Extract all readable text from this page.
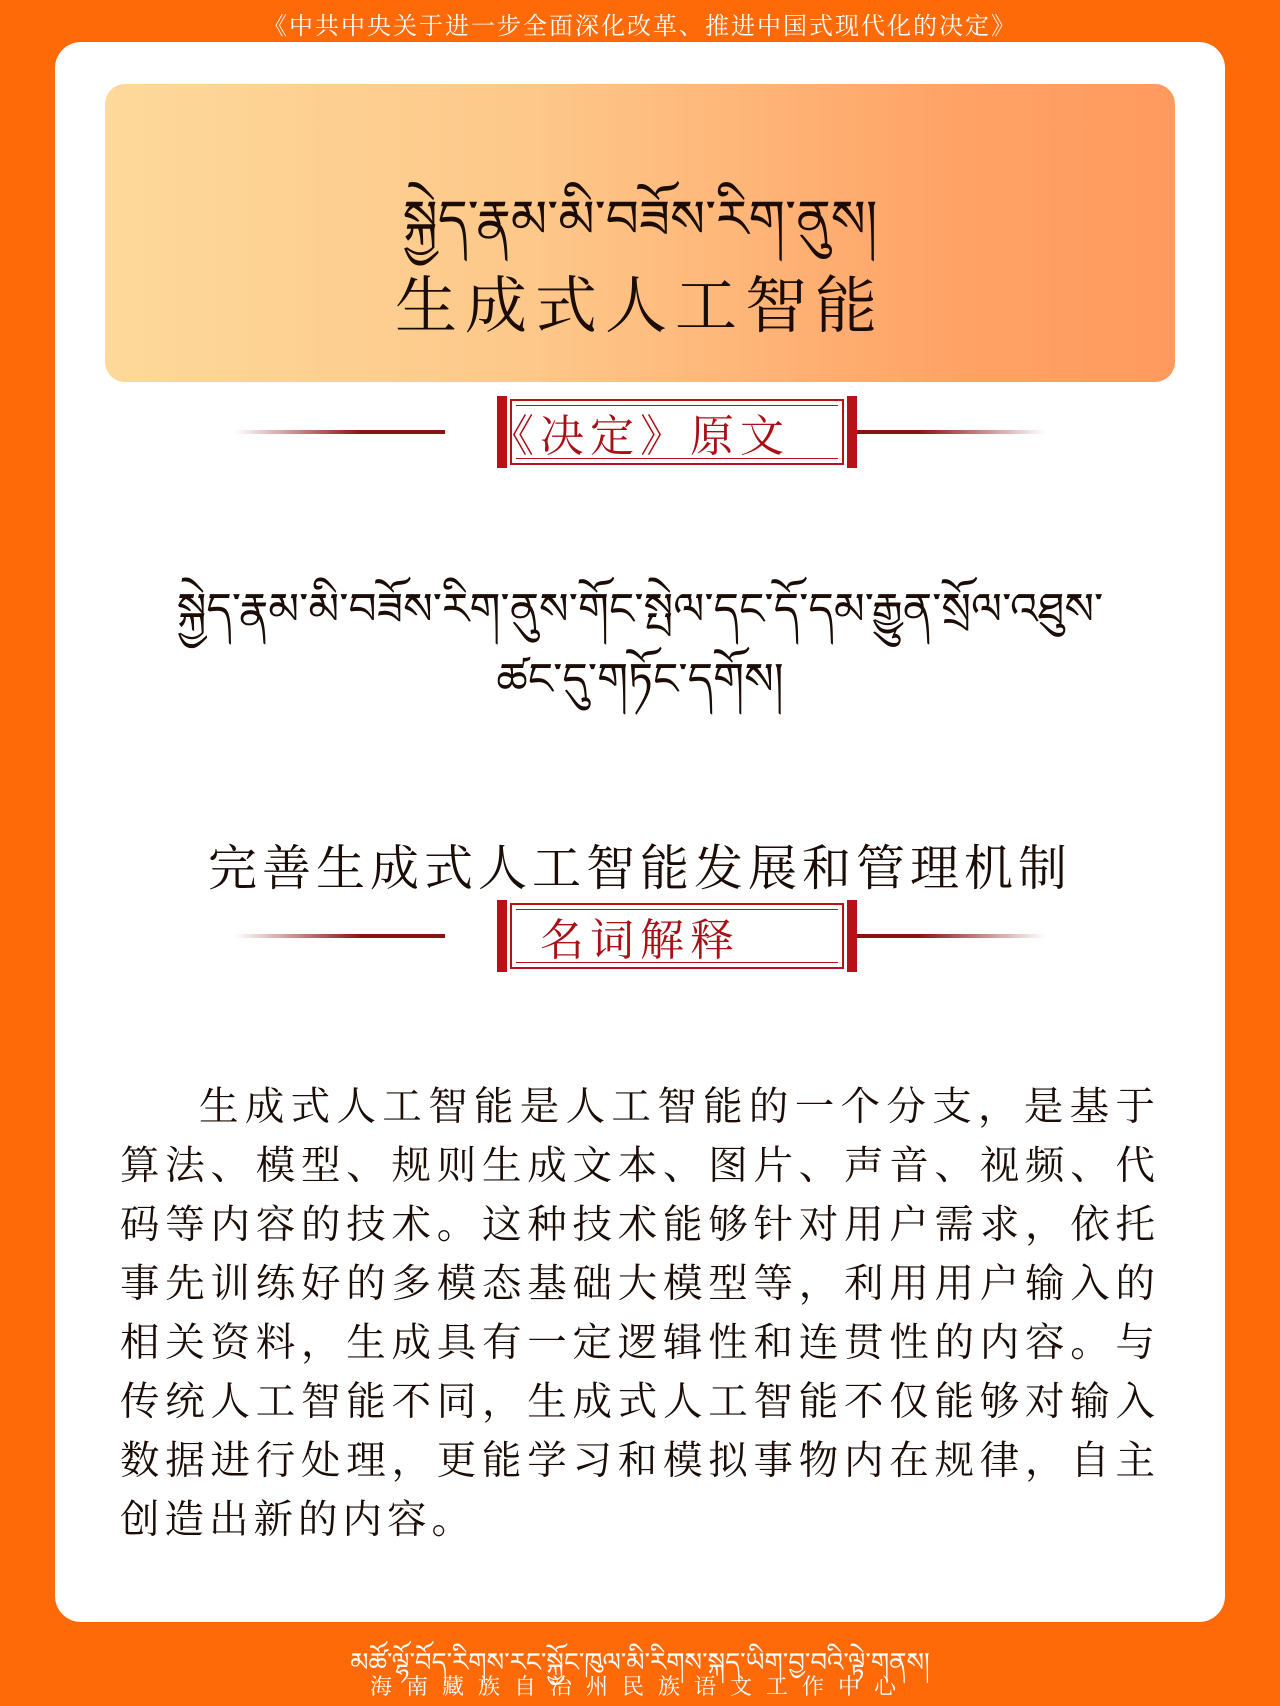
《中共中央关于进一步全面深化改革、推进中国式现代化的决定》
སྐྱེད་རྣམ་མི་བཟོས་རིག་ནུས།
生成式人工智能
《决定》原文
སྐྱེད་རྣམ་མི་བཟོས་རིག་ནུས་གོང་སྤེལ་དང་དོ་དམ་རྒྱུན་སྲོལ་འཐུས་ཚང་དུ་གཏོང་དགོས།
完善生成式人工智能发展和管理机制
名词解释

生成式人工智能是人工智能的一个分支，是基于算法、模型、规则生成文本、图片、声音、视频、代码等内容的技术。这种技术能够针对用户需求，依托事先训练好的多模态基础大模型等，利用用户输入的相关资料，生成具有一定逻辑性和连贯性的内容。与传统人工智能不同，生成式人工智能不仅能够对输入数据进行处理，更能学习和模拟事物内在规律，自主创造出新的内容。

མཚོ་ལྷོ་བོད་རིགས་རང་སྐྱོང་ཁུལ་མི་རིགས་སྐད་ཡིག་བྱ་བའི་ལྟེ་གནས།
海南藏族自治州民族语文工作中心
